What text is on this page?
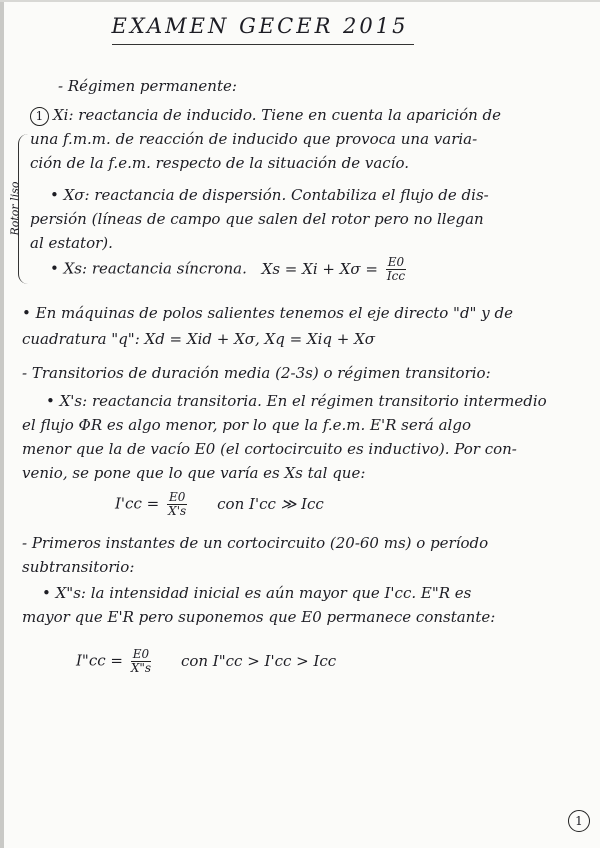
EXAMEN GECER 2015
- Régimen permanente:
1 Xi: reactancia de inducido. Tiene en cuenta la aparición de
una f.m.m. de reacción de inducido que provoca una varia-
ción de la f.e.m. respecto de la situación de vacío.
• Xσ: reactancia de dispersión. Contabiliza el flujo de dis-
persión (líneas de campo que salen del rotor pero no llegan
al estator).
• Xs: reactancia síncrona. $Xs = Xi + X\sigma = \frac{E0}{\text{Icc}}$
Rotor liso
• En máquinas de polos salientes tenemos el eje directo "d" y de
cuadratura "q": Xd = Xid + Xσ, Xq = Xiq + Xσ
- Transitorios de duración media (2-3s) o régimen transitorio:
• X's: reactancia transitoria. En el régimen transitorio intermedio
el flujo ΦR es algo menor, por lo que la f.e.m. E'R será algo
menor que la de vacío E0 (el cortocircuito es inductivo). Por con-
venio, se pone que lo que varía es Xs tal que:
$I'cc = \frac{E0}{X's}$ con I'cc ≫ Icc
- Primeros instantes de un cortocircuito (20-60 ms) o período
subtransitorio:
• X"s: la intensidad inicial es aún mayor que I'cc. E"R es
mayor que E'R pero suponemos que E0 permanece constante:
I"cc = $\frac{E0}{X"s}$ con I"cc > I'cc > Icc
1
